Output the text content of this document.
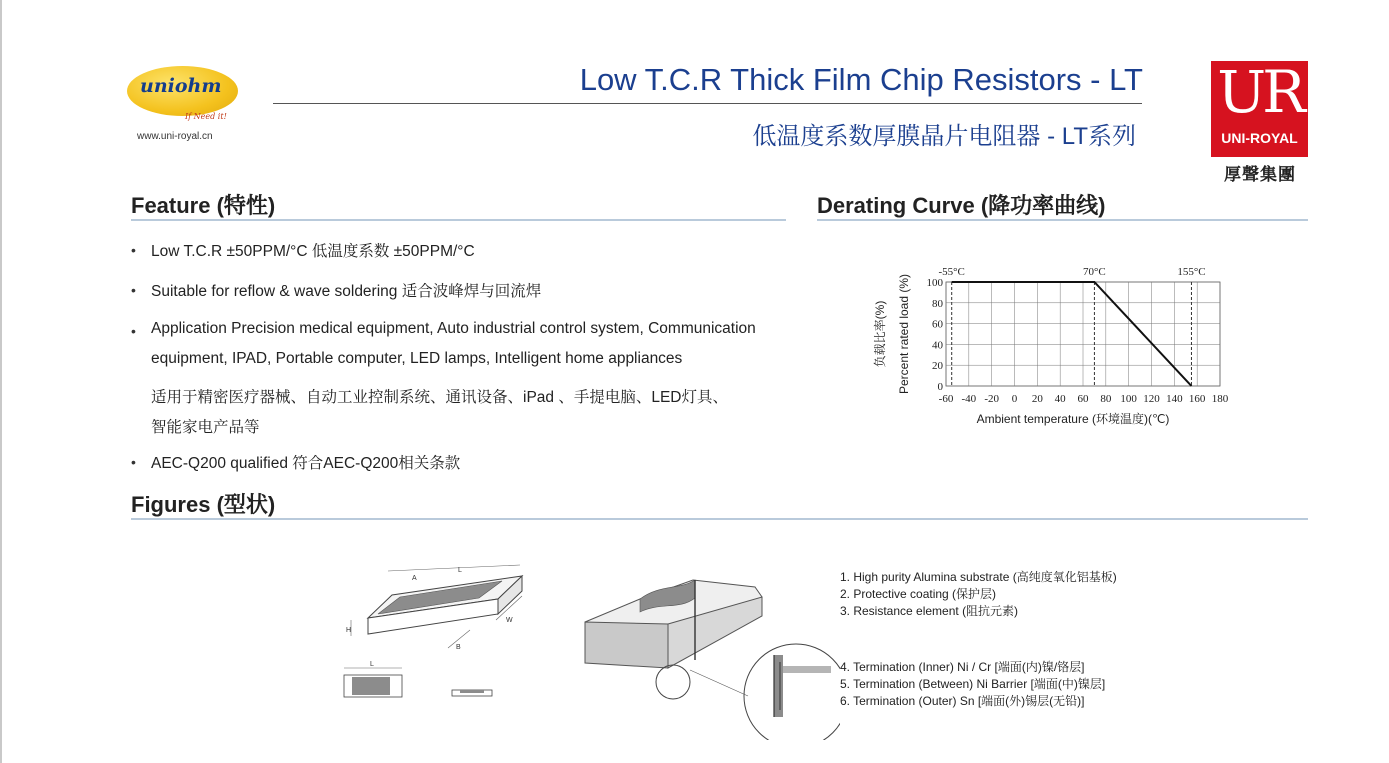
uniohm
If Need it!
www.uni-royal.cn
Low T.C.R Thick Film Chip Resistors - LT
低温度系数厚膜晶片电阻器 - LT系列
UR
UNI-ROYAL
厚聲集團
Feature (特性)
• Low T.C.R ±50PPM/°C 低温度系数 ±50PPM/°C
• Suitable for reflow & wave soldering 适合波峰焊与回流焊
• Application Precision medical equipment, Auto industrial control system, Communication
equipment, IPAD, Portable computer, LED lamps, Intelligent home appliances
适用于精密医疗器械、自动工业控制系统、通讯设备、iPad 、手提电脑、LED灯具、
智能家电产品等
• AEC-Q200 qualified 符合AEC-Q200相关条款
Derating Curve (降功率曲线)
-60 -40 -20 0 20 40 60 80 100 120 140 160 180
0
20
40
60
80
100
-55°C	70°C	155°C
Ambient temperature (环境温度)(℃)
负载比率(%) Percent rated load (%)
Figures (型状)
L
A
W
H
B
L
1. High purity Alumina substrate (高纯度氧化铝基板)
2. Protective coating (保护层)
3. Resistance element (阻抗元素)
4. Termination (Inner) Ni / Cr [端面(内)镍/铬层]
5. Termination (Between) Ni Barrier [端面(中)镍层]
6. Termination (Outer) Sn [端面(外)锡层(无铅)]
